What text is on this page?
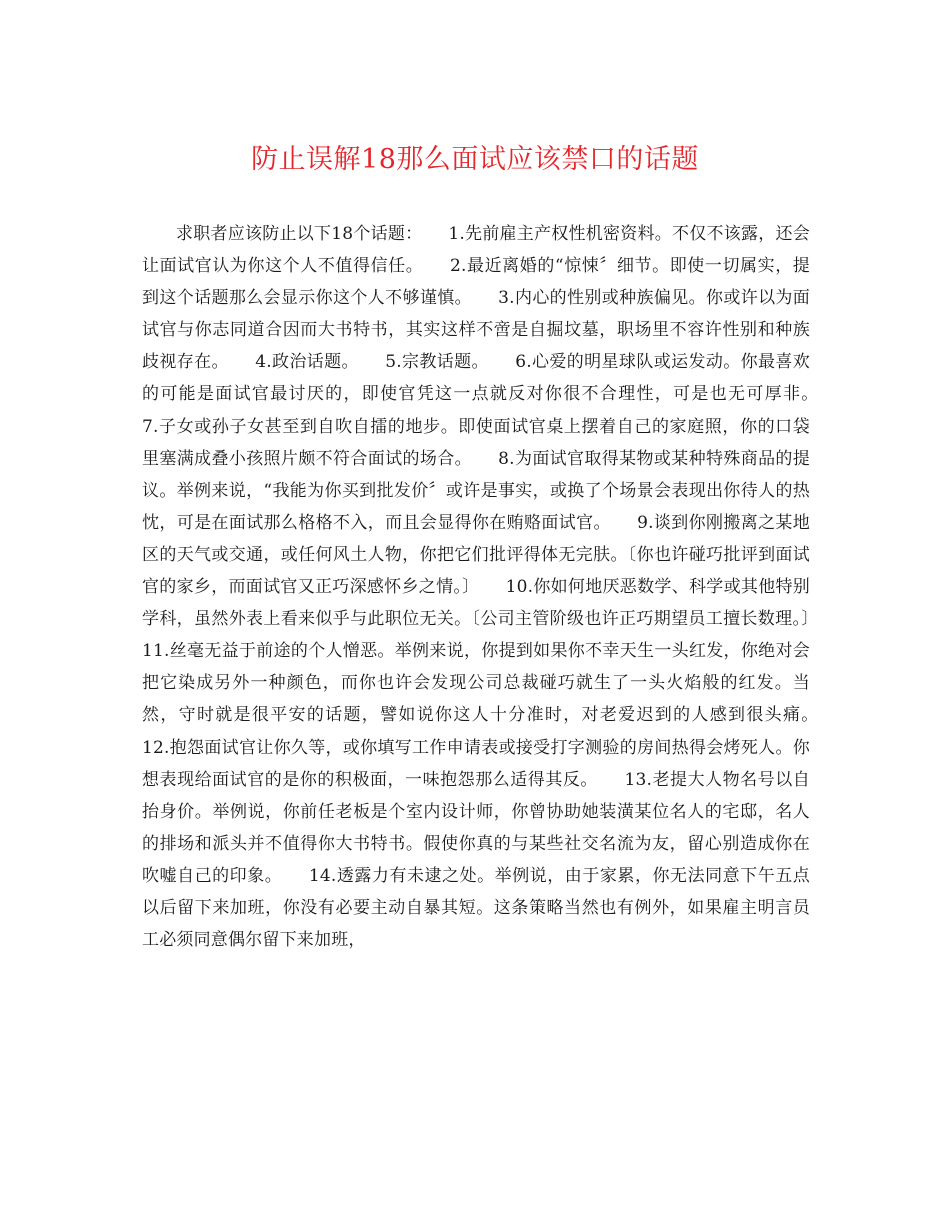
防止误解18那么面试应该禁口的话题

求职者应该防止以下18个话题：　　1.先前雇主产权性机密资料。不仅不该露，还会让面试官认为你这个人不值得信任。　　2.最近离婚的“惊悚〞细节。即使一切属实，提到这个话题那么会显示你这个人不够谨慎。　　3.内心的性别或种族偏见。你或许以为面试官与你志同道合因而大书特书，其实这样不啻是自掘坟墓，职场里不容许性别和种族歧视存在。　　4.政治话题。　　5.宗教话题。　　6.心爱的明星球队或运发动。你最喜欢的可能是面试官最讨厌的，即使官凭这一点就反对你很不合理性，可是也无可厚非。　　7.子女或孙子女甚至到自吹自擂的地步。即使面试官桌上摆着自己的家庭照，你的口袋里塞满成叠小孩照片颇不符合面试的场合。　　8.为面试官取得某物或某种特殊商品的提议。举例来说，“我能为你买到批发价〞或许是事实，或换了个场景会表现出你待人的热忱，可是在面试那么格格不入，而且会显得你在贿赂面试官。　　9.谈到你刚搬离之某地区的天气或交通，或任何风土人物，你把它们批评得体无完肤。〔你也许碰巧批评到面试官的家乡，而面试官又正巧深感怀乡之情。〕　　10.你如何地厌恶数学、科学或其他特别学科，虽然外表上看来似乎与此职位无关。〔公司主管阶级也许正巧期望员工擅长数理。〕　　11.丝毫无益于前途的个人憎恶。举例来说，你提到如果你不幸天生一头红发，你绝对会把它染成另外一种颜色，而你也许会发现公司总裁碰巧就生了一头火焰般的红发。当然，守时就是很平安的话题，譬如说你这人十分准时，对老爱迟到的人感到很头痛。　　12.抱怨面试官让你久等，或你填写工作申请表或接受打字测验的房间热得会烤死人。你想表现给面试官的是你的积极面，一味抱怨那么适得其反。　　13.老提大人物名号以自抬身价。举例说，你前任老板是个室内设计师，你曾协助她装潢某位名人的宅邸，名人的排场和派头并不值得你大书特书。假使你真的与某些社交名流为友，留心别造成你在吹嘘自己的印象。　　14.透露力有未逮之处。举例说，由于家累，你无法同意下午五点以后留下来加班，你没有必要主动自暴其短。这条策略当然也有例外，如果雇主明言员工必须同意偶尔留下来加班，
